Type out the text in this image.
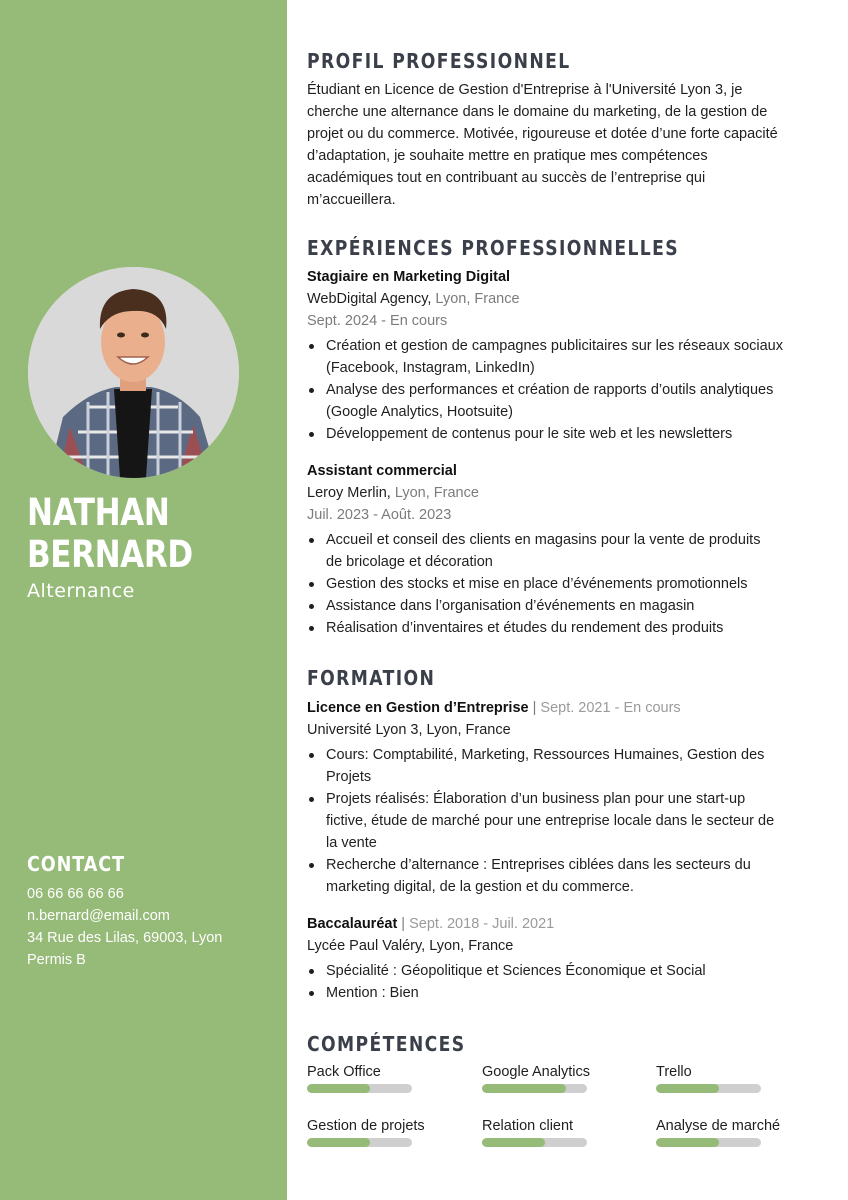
NATHAN
BERNARD
Alternance
CONTACT
06 66 66 66 66
n.bernard@email.com
34 Rue des Lilas, 69003, Lyon
Permis B
PROFIL PROFESSIONNEL
Étudiant en Licence de Gestion d'Entreprise à l'Université Lyon 3, je
cherche une alternance dans le domaine du marketing, de la gestion de
projet ou du commerce. Motivée, rigoureuse et dotée d’une forte capacité
d’adaptation, je souhaite mettre en pratique mes compétences
académiques tout en contribuant au succès de l’entreprise qui
m’accueillera.
EXPÉRIENCES PROFESSIONNELLES
Stagiaire en Marketing Digital
WebDigital Agency, Lyon, France
Sept. 2024 - En cours
Création et gestion de campagnes publicitaires sur les réseaux sociaux
(Facebook, Instagram, LinkedIn)
Analyse des performances et création de rapports d’outils analytiques
(Google Analytics, Hootsuite)
Développement de contenus pour le site web et les newsletters
Assistant commercial
Leroy Merlin, Lyon, France
Juil. 2023 - Août. 2023
Accueil et conseil des clients en magasins pour la vente de produits
de bricolage et décoration
Gestion des stocks et mise en place d’événements promotionnels
Assistance dans l’organisation d’événements en magasin
Réalisation d’inventaires et études du rendement des produits
FORMATION
Licence en Gestion d’Entreprise | Sept. 2021 - En cours
Université Lyon 3, Lyon, France
Cours: Comptabilité, Marketing, Ressources Humaines, Gestion des
Projets
Projets réalisés: Élaboration d’un business plan pour une start-up
fictive, étude de marché pour une entreprise locale dans le secteur de
la vente
Recherche d’alternance : Entreprises ciblées dans les secteurs du
marketing digital, de la gestion et du commerce.
Baccalauréat | Sept. 2018 - Juil. 2021
Lycée Paul Valéry, Lyon, France
Spécialité : Géopolitique et Sciences Économique et Social
Mention : Bien
COMPÉTENCES
Pack Office	Google Analytics	Trello
Gestion de projets	Relation client	Analyse de marché
